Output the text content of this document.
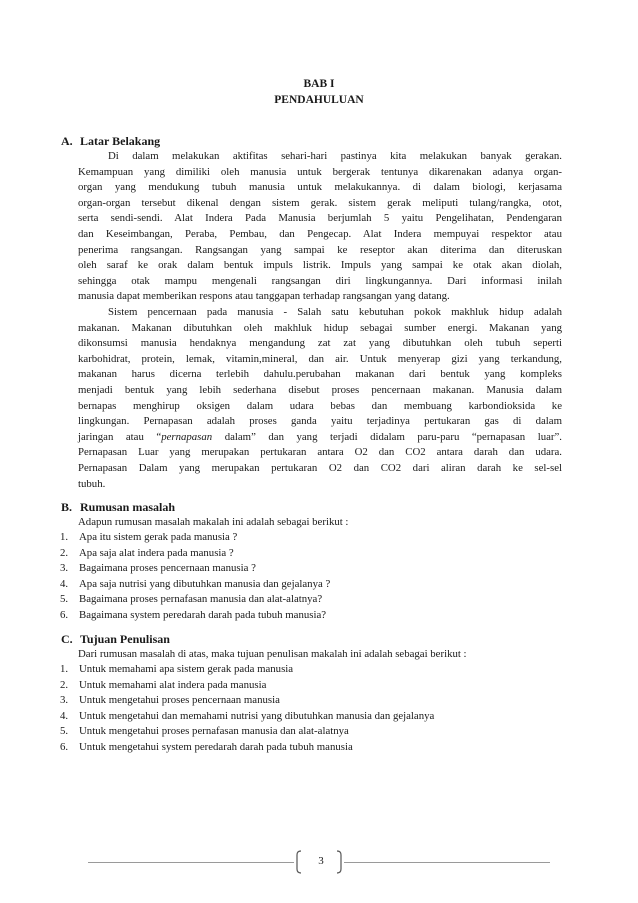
BAB I
PENDAHULUAN
A. Latar Belakang
Di dalam melakukan aktifitas sehari-hari pastinya kita melakukan banyak gerakan.
Kemampuan yang dimiliki oleh manusia untuk bergerak tentunya dikarenakan adanya organ-
organ yang mendukung tubuh manusia untuk melakukannya. di dalam biologi, kerjasama
organ-organ tersebut dikenal dengan sistem gerak. sistem gerak meliputi tulang/rangka, otot,
serta sendi-sendi. Alat Indera Pada Manusia berjumlah 5 yaitu Pengelihatan, Pendengaran
dan Keseimbangan, Peraba, Pembau, dan Pengecap. Alat Indera mempuyai respektor atau
penerima rangsangan. Rangsangan yang sampai ke reseptor akan diterima dan diteruskan
oleh saraf ke orak dalam bentuk impuls listrik. Impuls yang sampai ke otak akan diolah,
sehingga otak mampu mengenali rangsangan diri lingkungannya. Dari informasi inilah
manusia dapat memberikan respons atau tanggapan terhadap rangsangan yang datang.
Sistem pencernaan pada manusia - Salah satu kebutuhan pokok makhluk hidup adalah
makanan. Makanan dibutuhkan oleh makhluk hidup sebagai sumber energi. Makanan yang
dikonsumsi manusia hendaknya mengandung zat zat yang dibutuhkan oleh tubuh seperti
karbohidrat, protein, lemak, vitamin,mineral, dan air. Untuk menyerap gizi yang terkandung,
makanan harus dicerna terlebih dahulu.perubahan makanan dari bentuk yang kompleks
menjadi bentuk yang lebih sederhana disebut proses pencernaan makanan. Manusia dalam
bernapas menghirup oksigen dalam udara bebas dan membuang karbondioksida ke
lingkungan. Pernapasan adalah proses ganda yaitu terjadinya pertukaran gas di dalam
jaringan atau “pernapasan dalam” dan yang terjadi didalam paru-paru “pernapasan luar”.
Pernapasan Luar yang merupakan pertukaran antara O2 dan CO2 antara darah dan udara.
Pernapasan Dalam yang merupakan pertukaran O2 dan CO2 dari aliran darah ke sel-sel
tubuh.
B. Rumusan masalah
Adapun rumusan masalah makalah ini adalah sebagai berikut :
1. Apa itu sistem gerak pada manusia ?
2. Apa saja alat indera pada manusia ?
3. Bagaimana proses pencernaan manusia ?
4. Apa saja nutrisi yang dibutuhkan manusia dan gejalanya ?
5. Bagaimana proses pernafasan manusia dan alat-alatnya?
6. Bagaimana system peredarah darah pada tubuh manusia?
C. Tujuan Penulisan
Dari rumusan masalah di atas, maka tujuan penulisan makalah ini adalah sebagai berikut :
1. Untuk memahami apa sistem gerak pada manusia
2. Untuk memahami alat indera pada manusia
3. Untuk mengetahui proses pencernaan manusia
4. Untuk mengetahui dan memahami nutrisi yang dibutuhkan manusia dan gejalanya
5. Untuk mengetahui proses pernafasan manusia dan alat-alatnya
6. Untuk mengetahui system peredarah darah pada tubuh manusia
3
